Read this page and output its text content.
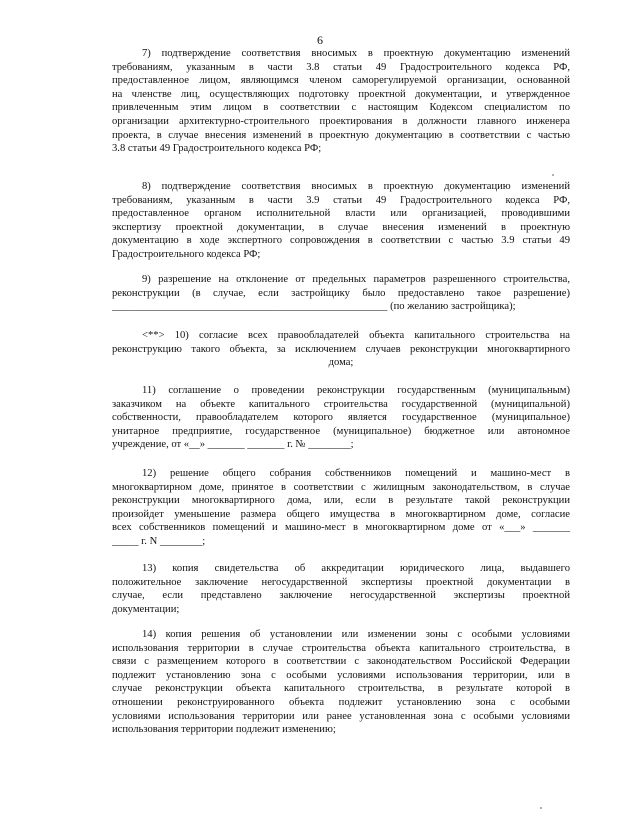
6
7) подтверждение соответствия вносимых в проектную документацию изменений
требованиям, указанным в части 3.8 статьи 49 Градостроительного кодекса РФ,
предоставленное лицом, являющимся членом саморегулируемой организации, основанной
на членстве лиц, осуществляющих подготовку проектной документации, и утвержденное
привлеченным этим лицом в соответствии с настоящим Кодексом специалистом по
организации архитектурно-строительного проектирования в должности главного инженера
проекта, в случае внесения изменений в проектную документацию в соответствии с частью
3.8 статьи 49 Градостроительного кодекса РФ;
8) подтверждение соответствия вносимых в проектную документацию изменений
требованиям, указанным в части 3.9 статьи 49 Градостроительного кодекса РФ,
предоставленное органом исполнительной власти или организацией, проводившими
экспертизу проектной документации, в случае внесения изменений в проектную
документацию в ходе экспертного сопровождения в соответствии с частью 3.9 статьи 49
Градостроительного кодекса РФ;
9) разрешение на отклонение от предельных параметров разрешенного строительства,
реконструкции (в случае, если застройщику было предоставлено такое разрешение)
____________________________________________________ (по желанию застройщика);
<**> 10) согласие всех правообладателей объекта капитального строительства на
реконструкцию такого объекта, за исключением случаев реконструкции многоквартирного
дома;
11) соглашение о проведении реконструкции государственным (муниципальным)
заказчиком на объекте капитального строительства государственной (муниципальной)
собственности, правообладателем которого является государственное (муниципальное)
унитарное предприятие, государственное (муниципальное) бюджетное или автономное
учреждение, от «__» _______ _______ г. № ________;
12) решение общего собрания собственников помещений и машино-мест в
многоквартирном доме, принятое в соответствии с жилищным законодательством, в случае
реконструкции многоквартирного дома, или, если в результате такой реконструкции
произойдет уменьшение размера общего имущества в многоквартирном доме, согласие
всех собственников помещений и машино-мест в многоквартирном доме от «___» _______
_____ г. N ________;
13) копия свидетельства об аккредитации юридического лица, выдавшего
положительное заключение негосударственной экспертизы проектной документации в
случае, если представлено заключение негосударственной экспертизы проектной
документации;
14) копия решения об установлении или изменении зоны с особыми условиями
использования территории в случае строительства объекта капитального строительства, в
связи с размещением которого в соответствии с законодательством Российской Федерации
подлежит установлению зона с особыми условиями использования территории, или в
случае реконструкции объекта капитального строительства, в результате которой в
отношении реконструированного объекта подлежит установлению зона с особыми
условиями использования территории или ранее установленная зона с особыми условиями
использования территории подлежит изменению;
